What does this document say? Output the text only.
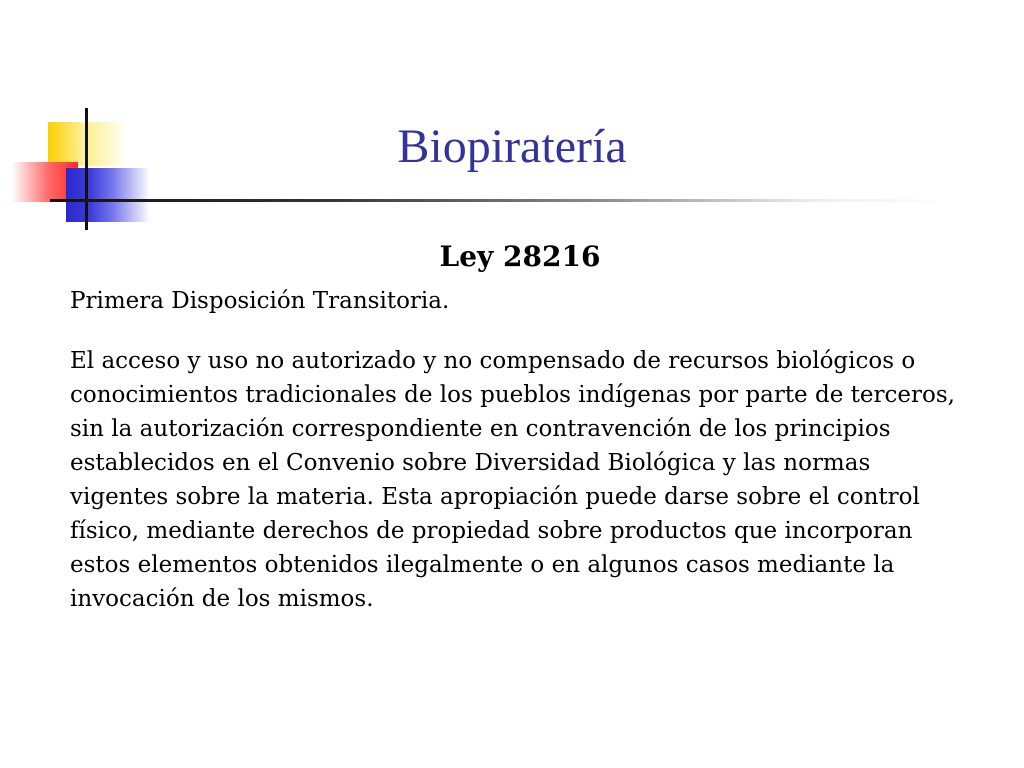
Biopiratería

Ley 28216

Primera Disposición Transitoria.

El acceso y uso no autorizado y no compensado de recursos biológicos o conocimientos tradicionales de los pueblos indígenas por parte de terceros, sin la autorización correspondiente en contravención de los principios establecidos en el Convenio sobre Diversidad Biológica y las normas vigentes sobre la materia. Esta apropiación puede darse sobre el control físico, mediante derechos de propiedad sobre productos que incorporan estos elementos obtenidos ilegalmente o en algunos casos mediante la invocación de los mismos.
